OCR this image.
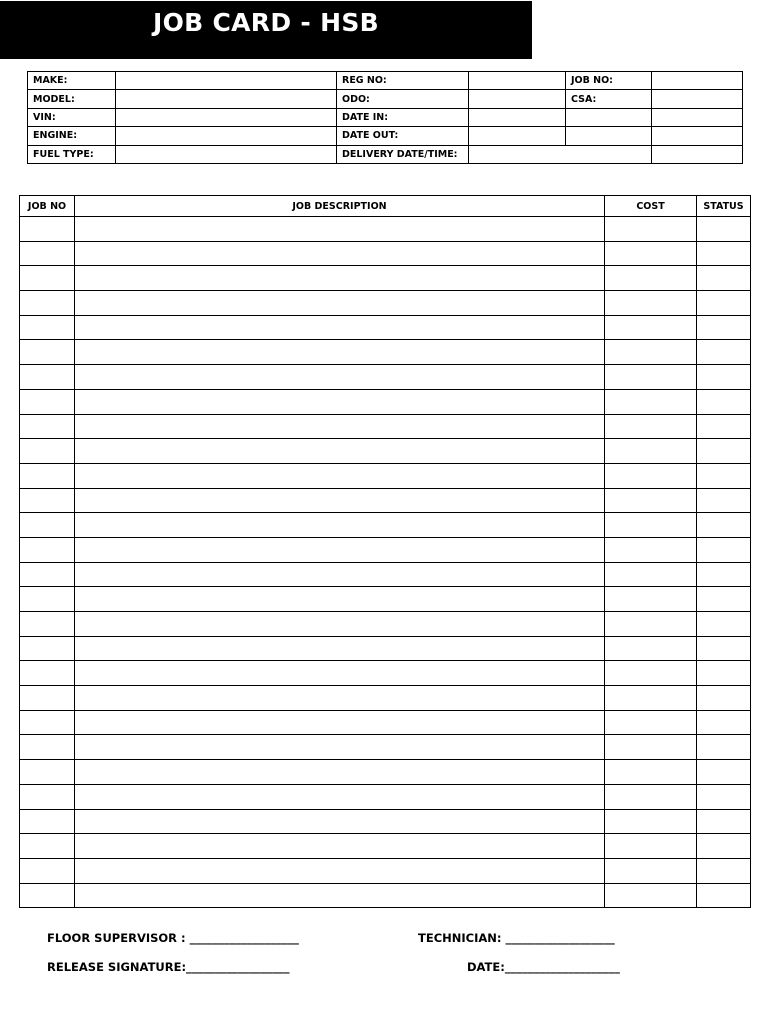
JOB CARD - HSB
MAKE:		REG NO:		JOB NO:	
MODEL:		ODO:		CSA:	
VIN:		DATE IN:			
ENGINE:		DATE OUT:			
FUEL TYPE:		DELIVERY DATE/TIME:			
JOB NO	JOB DESCRIPTION	COST	STATUS

FLOOR SUPERVISOR : ___________________	TECHNICIAN: ___________________
RELEASE SIGNATURE:__________________	DATE:____________________
